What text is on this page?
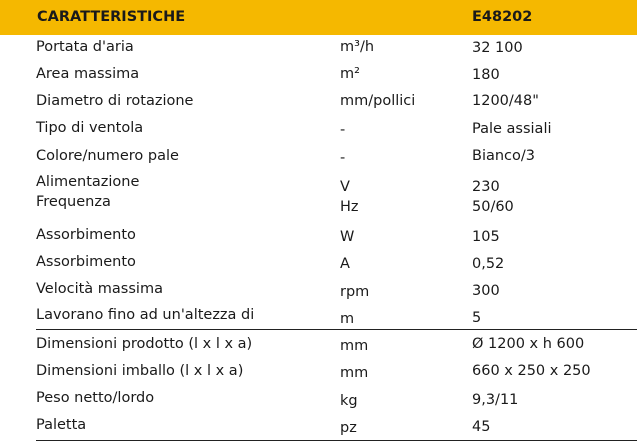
CARATTERISTICHE	E48202
Portata d'aria	m³/h	32 100
Area massima	m²	180
Diametro di rotazione	mm/pollici	1200/48"
Tipo di ventola	-	Pale assiali
Colore/numero pale	-	Bianco/3
Alimentazione	V	230
Frequenza	Hz	50/60
Assorbimento	W	105
Assorbimento	A	0,52
Velocità massima	rpm	300
Lavorano fino ad un'altezza di	m	5
Dimensioni prodotto (l x l x a)	mm	Ø 1200 x h 600
Dimensioni imballo (l x l x a)	mm	660 x 250 x 250
Peso netto/lordo	kg	9,3/11
Paletta	pz	45
